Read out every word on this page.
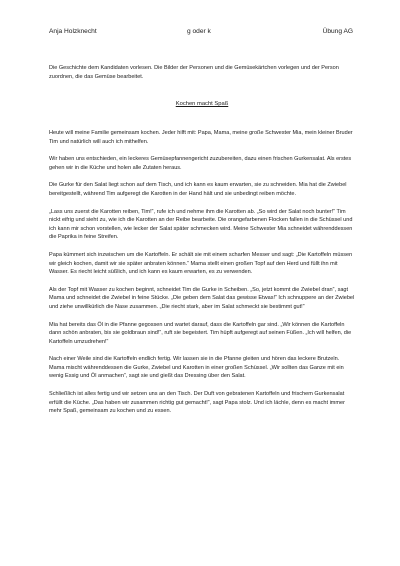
Anja Holzknecht	g oder k	Übung AG

Die Geschichte dem Kandidaten vorlesen. Die Bilder der Personen und die Gemüsekärtchen vorlegen und der Person zuordnen, die das Gemüse bearbeitet.

Kochen macht Spaß

Heute will meine Familie gemeinsam kochen. Jeder hilft mit: Papa, Mama, meine große Schwester Mia, mein kleiner Bruder Tim und natürlich will auch ich mithelfen.

Wir haben uns entschieden, ein leckeres Gemüsepfannengericht zuzubereiten, dazu einen frischen Gurkensalat. Als erstes gehen wir in die Küche und holen alle Zutaten heraus.

Die Gurke für den Salat liegt schon auf dem Tisch, und ich kann es kaum erwarten, sie zu schneiden. Mia hat die Zwiebel bereitgestellt, während Tim aufgeregt die Karotten in der Hand hält und sie unbedingt reiben möchte.

„Lass uns zuerst die Karotten reiben, Tim!“, rufe ich und nehme ihm die Karotten ab. „So wird der Salat noch bunter!“ Tim nickt eifrig und sieht zu, wie ich die Karotten an der Reibe bearbeite. Die orangefarbenen Flocken fallen in die Schüssel und ich kann mir schon vorstellen, wie lecker der Salat später schmecken wird. Meine Schwester Mia schneidet währenddessen die Paprika in feine Streifen.

Papa kümmert sich inzwischen um die Kartoffeln. Er schält sie mit einem scharfen Messer und sagt: „Die Kartoffeln müssen wir gleich kochen, damit wir sie später anbraten können.“ Mama stellt einen großen Topf auf den Herd und füllt ihn mit Wasser. Es riecht leicht süßlich, und ich kann es kaum erwarten, es zu verwenden.

Als der Topf mit Wasser zu kochen beginnt, schneidet Tim die Gurke in Scheiben. „So, jetzt kommt die Zwiebel dran“, sagt Mama und schneidet die Zwiebel in feine Stücke. „Die geben dem Salat das gewisse Etwas!“ Ich schnuppere an der Zwiebel und ziehe unwillkürlich die Nase zusammen. „Die riecht stark, aber im Salat schmeckt sie bestimmt gut!“

Mia hat bereits das Öl in die Pfanne gegossen und wartet darauf, dass die Kartoffeln gar sind. „Wir können die Kartoffeln dann schön anbraten, bis sie goldbraun sind!“, ruft sie begeistert. Tim hüpft aufgeregt auf seinen Füßen. „Ich will helfen, die Kartoffeln umzudrehen!“

Nach einer Weile sind die Kartoffeln endlich fertig. Wir lassen sie in die Pfanne gleiten und hören das leckere Brutzeln. Mama mischt währenddessen die Gurke, Zwiebel und Karotten in einer großen Schüssel. „Wir sollten das Ganze mit ein wenig Essig und Öl anmachen“, sagt sie und gießt das Dressing über den Salat.

Schließlich ist alles fertig und wir setzen uns an den Tisch. Der Duft von gebratenen Kartoffeln und frischem Gurkensalat erfüllt die Küche. „Das haben wir zusammen richtig gut gemacht!“, sagt Papa stolz. Und ich lächle, denn es macht immer mehr Spaß, gemeinsam zu kochen und zu essen.
